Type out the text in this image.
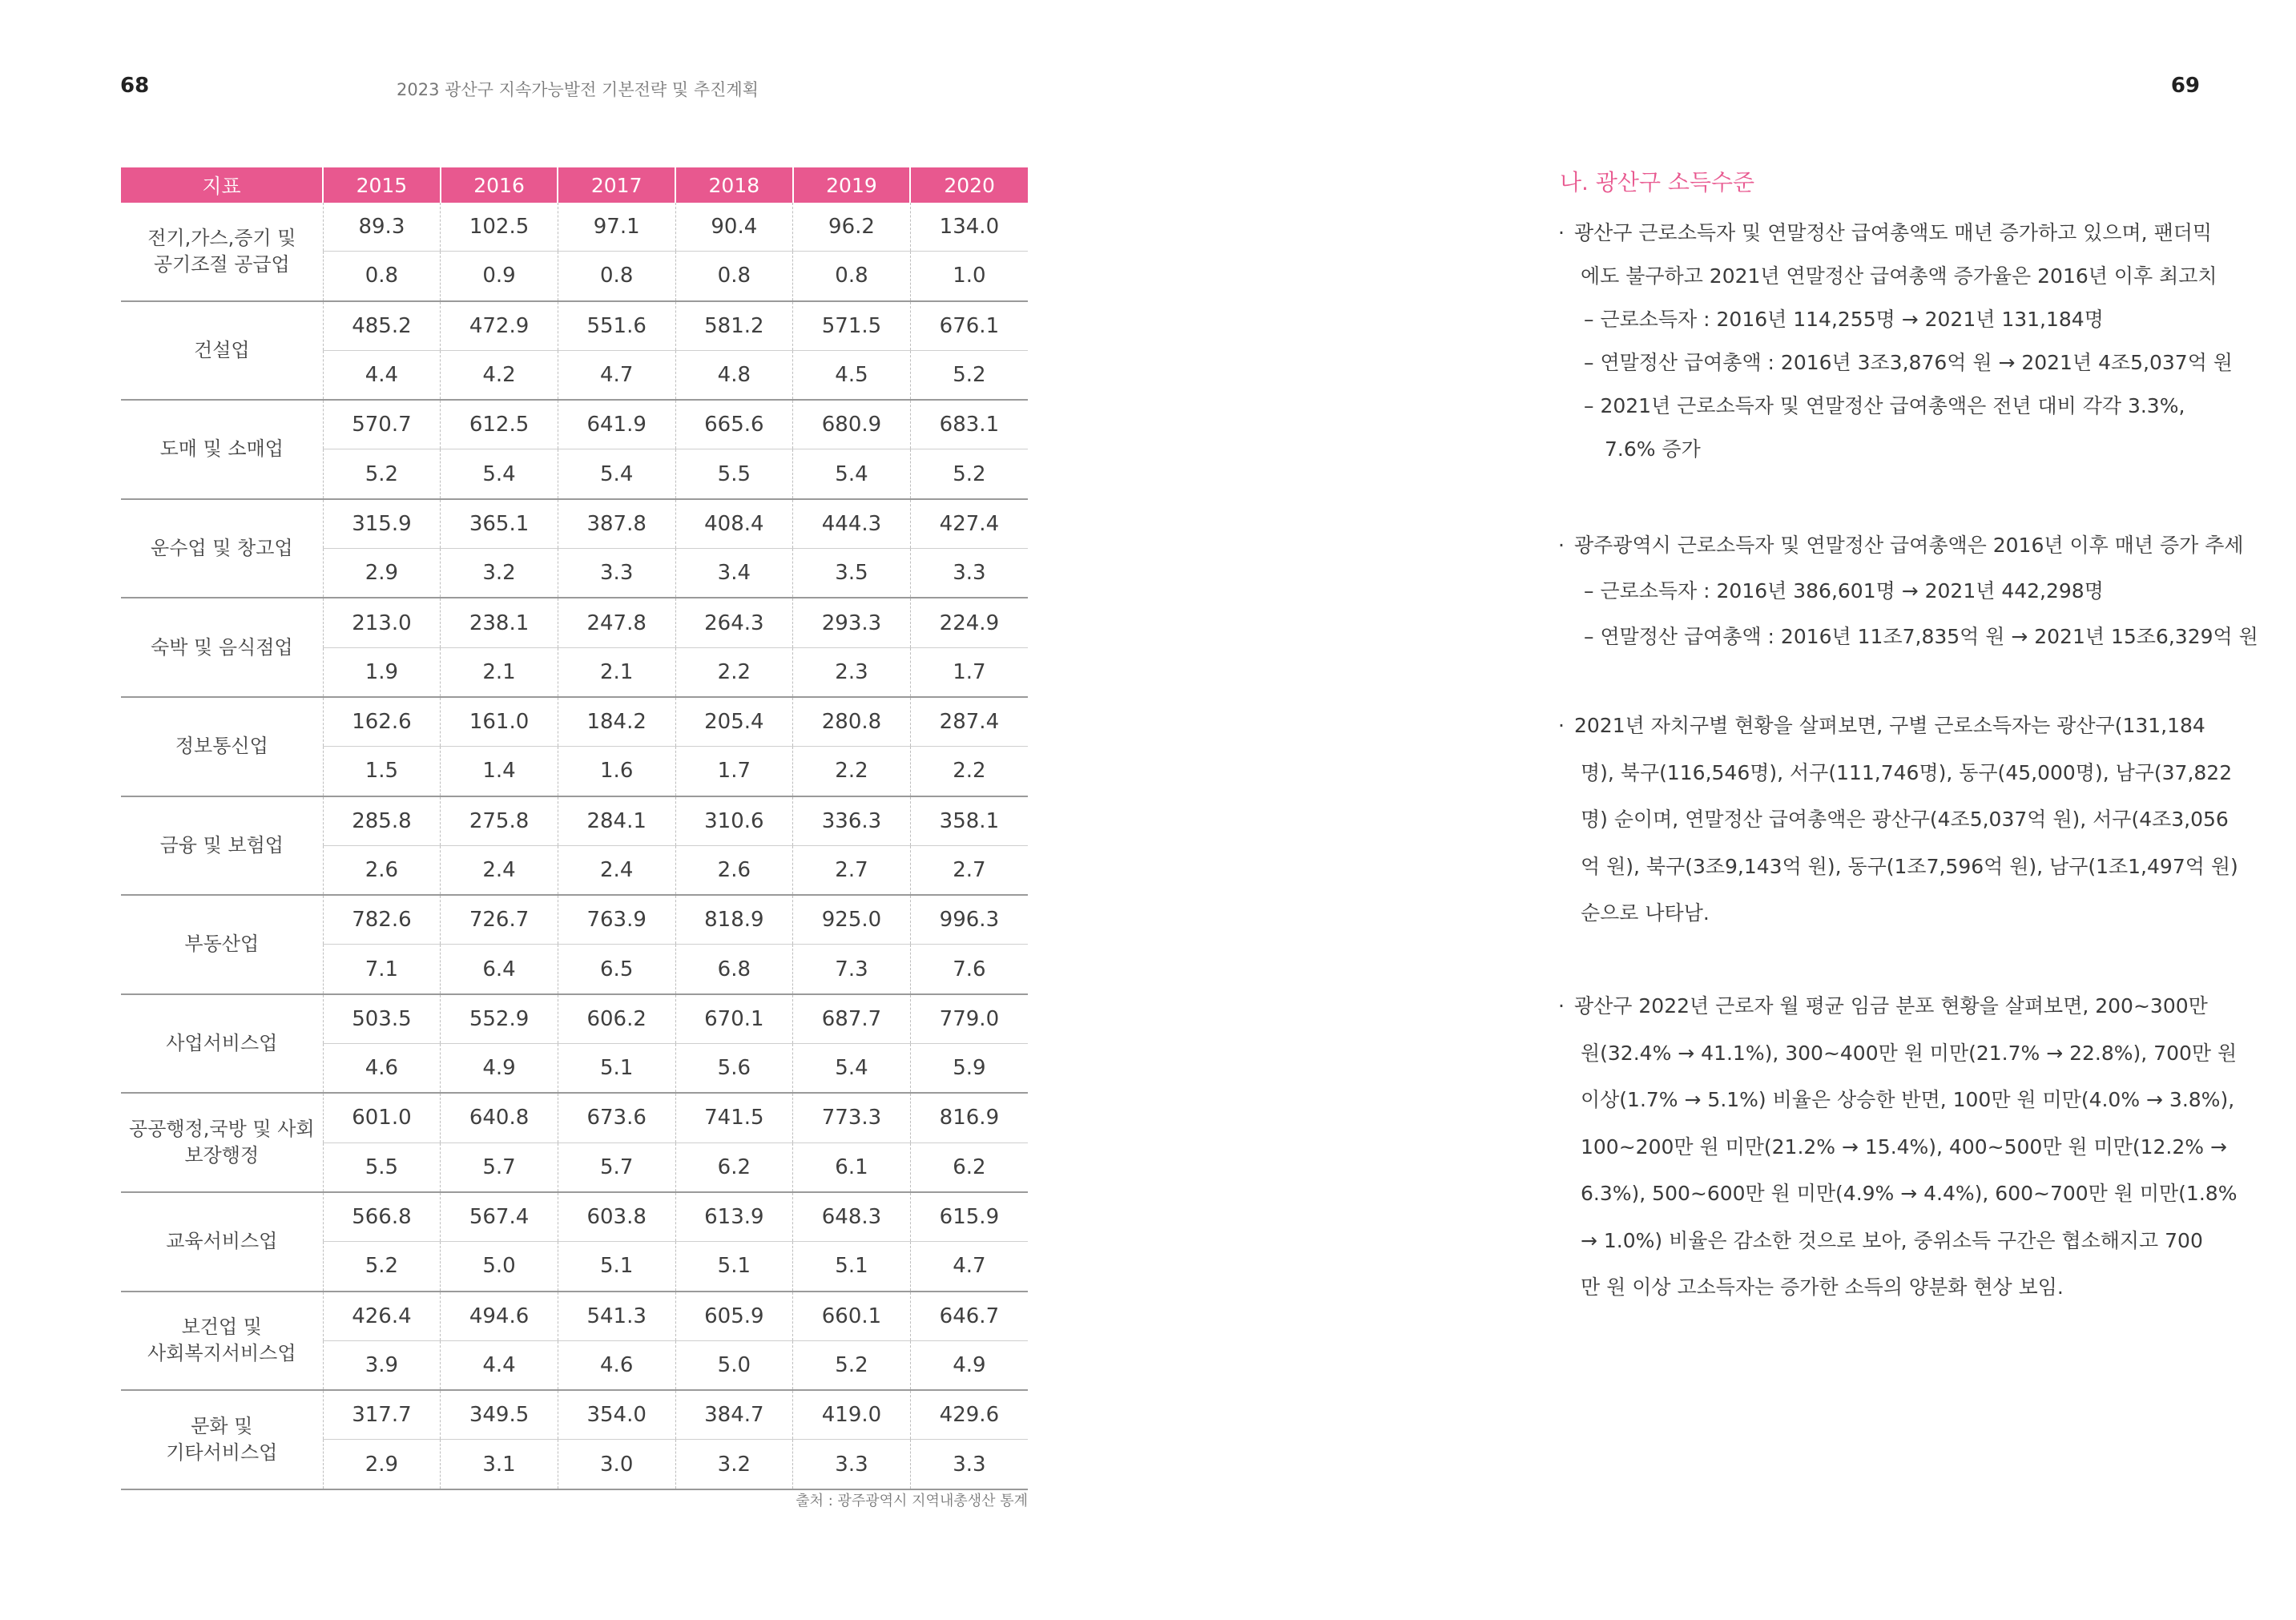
68	2023 광산구 지속가능발전 기본전략 및 추진계획	69
지표	2015	2016	2017	2018	2019	2020
전기,가스,증기 및
공기조절 공급업	89.3	102.5	97.1	90.4	96.2	134.0
	0.8	0.9	0.8	0.8	0.8	1.0
건설업	485.2	472.9	551.6	581.2	571.5	676.1
	4.4	4.2	4.7	4.8	4.5	5.2
도매 및 소매업	570.7	612.5	641.9	665.6	680.9	683.1
	5.2	5.4	5.4	5.5	5.4	5.2
운수업 및 창고업	315.9	365.1	387.8	408.4	444.3	427.4
	2.9	3.2	3.3	3.4	3.5	3.3
숙박 및 음식점업	213.0	238.1	247.8	264.3	293.3	224.9
	1.9	2.1	2.1	2.2	2.3	1.7
정보통신업	162.6	161.0	184.2	205.4	280.8	287.4
	1.5	1.4	1.6	1.7	2.2	2.2
금융 및 보험업	285.8	275.8	284.1	310.6	336.3	358.1
	2.6	2.4	2.4	2.6	2.7	2.7
부동산업	782.6	726.7	763.9	818.9	925.0	996.3
	7.1	6.4	6.5	6.8	7.3	7.6
사업서비스업	503.5	552.9	606.2	670.1	687.7	779.0
	4.6	4.9	5.1	5.6	5.4	5.9
공공행정,국방 및 사회
보장행정	601.0	640.8	673.6	741.5	773.3	816.9
	5.5	5.7	5.7	6.2	6.1	6.2
교육서비스업	566.8	567.4	603.8	613.9	648.3	615.9
	5.2	5.0	5.1	5.1	5.1	4.7
보건업 및
사회복지서비스업	426.4	494.6	541.3	605.9	660.1	646.7
	3.9	4.4	4.6	5.0	5.2	4.9
문화 및
기타서비스업	317.7	349.5	354.0	384.7	419.0	429.6
	2.9	3.1	3.0	3.2	3.3	3.3
출처 : 광주광역시 지역내총생산 통계
나. 광산구 소득수준
· 광산구 근로소득자 및 연말정산 급여총액도 매년 증가하고 있으며, 팬더믹
에도 불구하고 2021년 연말정산 급여총액 증가율은 2016년 이후 최고치
– 근로소득자 : 2016년 114,255명 → 2021년 131,184명
– 연말정산 급여총액 : 2016년 3조3,876억 원 → 2021년 4조5,037억 원
– 2021년 근로소득자 및 연말정산 급여총액은 전년 대비 각각 3.3%,
7.6% 증가
· 광주광역시 근로소득자 및 연말정산 급여총액은 2016년 이후 매년 증가 추세
– 근로소득자 : 2016년 386,601명 → 2021년 442,298명
– 연말정산 급여총액 : 2016년 11조7,835억 원 → 2021년 15조6,329억 원
· 2021년 자치구별 현황을 살펴보면, 구별 근로소득자는 광산구(131,184
명), 북구(116,546명), 서구(111,746명), 동구(45,000명), 남구(37,822
명) 순이며, 연말정산 급여총액은 광산구(4조5,037억 원), 서구(4조3,056
억 원), 북구(3조9,143억 원), 동구(1조7,596억 원), 남구(1조1,497억 원)
순으로 나타남.
· 광산구 2022년 근로자 월 평균 임금 분포 현황을 살펴보면, 200~300만
원(32.4% → 41.1%), 300~400만 원 미만(21.7% → 22.8%), 700만 원
이상(1.7% → 5.1%) 비율은 상승한 반면, 100만 원 미만(4.0% → 3.8%),
100~200만 원 미만(21.2% → 15.4%), 400~500만 원 미만(12.2% →
6.3%), 500~600만 원 미만(4.9% → 4.4%), 600~700만 원 미만(1.8%
→ 1.0%) 비율은 감소한 것으로 보아, 중위소득 구간은 협소해지고 700
만 원 이상 고소득자는 증가한 소득의 양분화 현상 보임.
